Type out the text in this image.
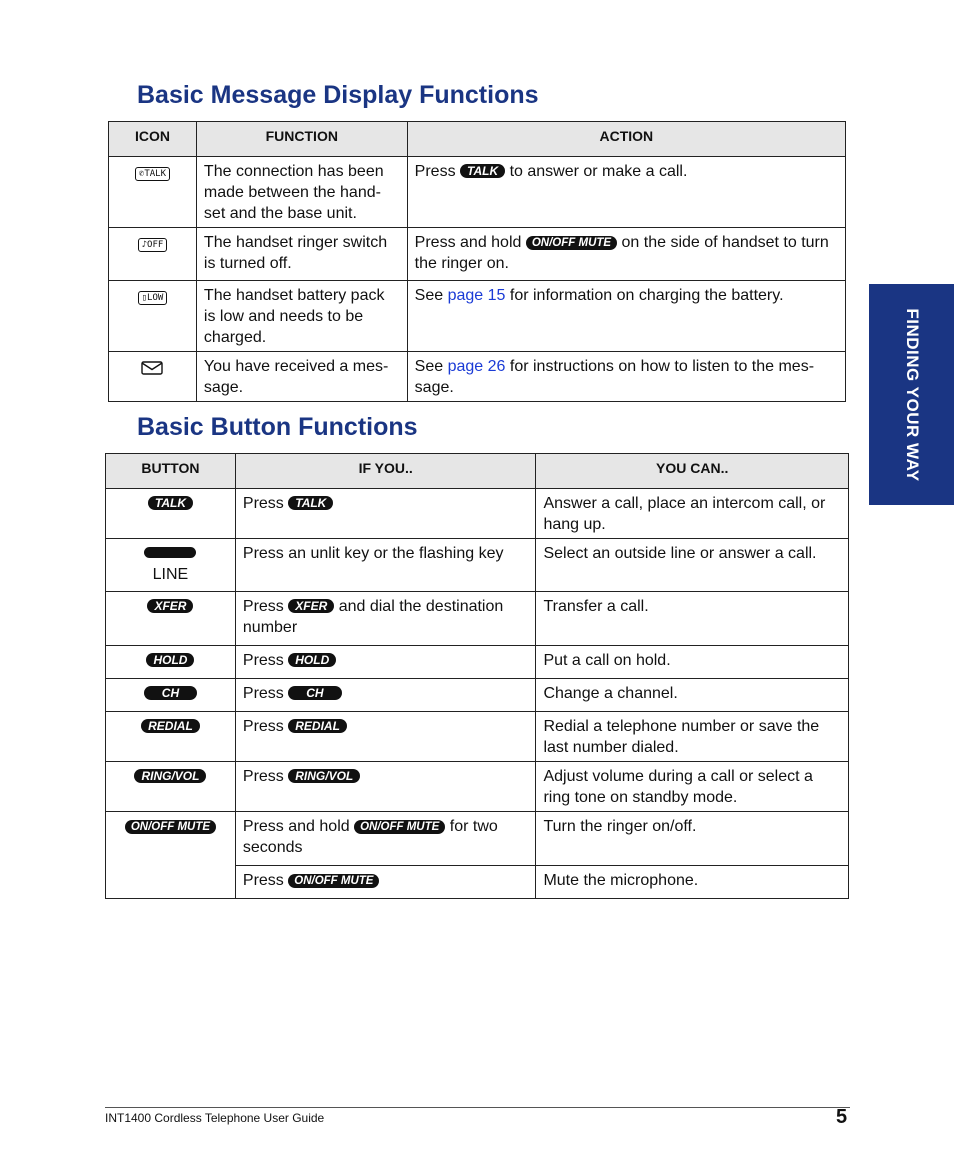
Basic Message Display Functions
ICON	FUNCTION	ACTION
✆TALK	The connection has been made between the hand-set and the base unit.	Press TALK to answer or make a call.
♪OFF	The handset ringer switch is turned off.	Press and hold ON/OFF MUTE on the side of handset to turn the ringer on.
▯LOW	The handset battery pack is low and needs to be charged.	See page 15 for information on charging the battery.
	You have received a mes-sage.	See page 26 for instructions on how to listen to the mes-sage.
Basic Button Functions
BUTTON	IF YOU..	YOU CAN..
TALK	Press TALK	Answer a call, place an intercom call, or hang up.

LINE	Press an unlit key or the flashing key	Select an outside line or answer a call.
XFER	Press XFER and dial the destination number	Transfer a call.
HOLD	Press HOLD	Put a call on hold.
CH	Press CH	Change a channel.
REDIAL	Press REDIAL	Redial a telephone number or save the last number dialed.
RING/VOL	Press RING/VOL	Adjust volume during a call or select a ring tone on standby mode.
ON/OFF MUTE	Press and hold ON/OFF MUTE for two seconds	Turn the ringer on/off.
	Press ON/OFF MUTE	Mute the microphone.
FINDING YOUR WAY
INT1400 Cordless Telephone User Guide	5
